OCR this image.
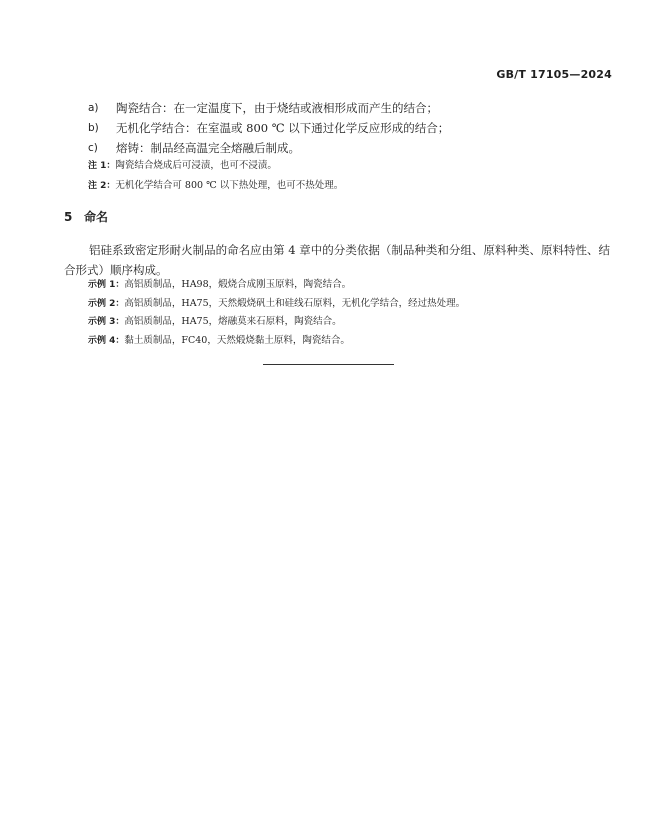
GB/T 17105—2024
a)	陶瓷结合：在一定温度下，由于烧结或液相形成而产生的结合；
b)	无机化学结合：在室温或 800 ℃ 以下通过化学反应形成的结合；
c)	熔铸：制品经高温完全熔融后制成。
注 1：陶瓷结合烧成后可浸渍，也可不浸渍。
注 2：无机化学结合可 800 ℃ 以下热处理，也可不热处理。
5 命名
铝硅系致密定形耐火制品的命名应由第 4 章中的分类依据（制品种类和分组、原料种类、原料特性、结合形式）顺序构成。
示例 1：高铝质制品，HA98，煅烧合成刚玉原料，陶瓷结合。
示例 2：高铝质制品，HA75，天然煅烧矾土和硅线石原料，无机化学结合，经过热处理。
示例 3：高铝质制品，HA75，熔融莫来石原料，陶瓷结合。
示例 4：黏土质制品，FC40，天然煅烧黏土原料，陶瓷结合。
